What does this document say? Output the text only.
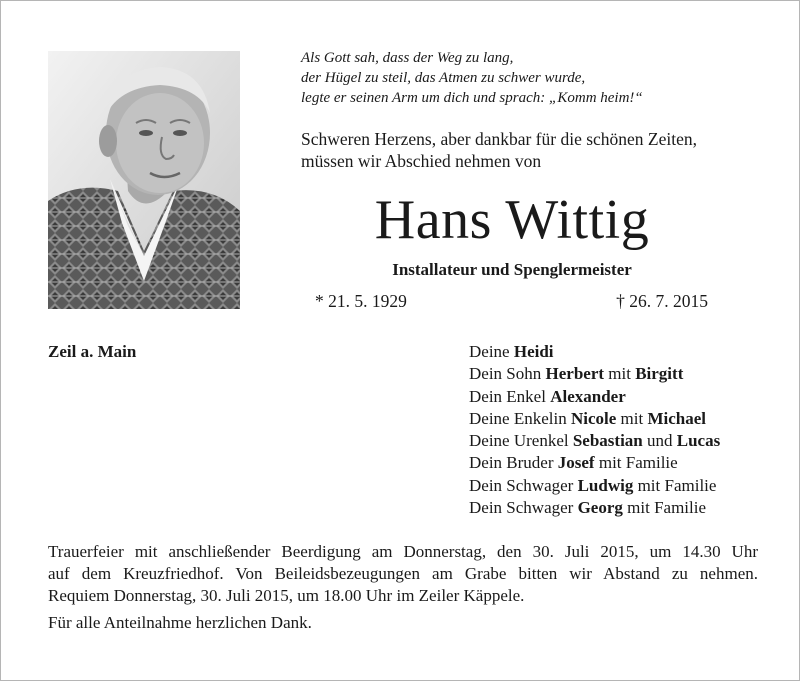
Als Gott sah, dass der Weg zu lang,
der Hügel zu steil, das Atmen zu schwer wurde,
legte er seinen Arm um dich und sprach: „Komm heim!“
Schweren Herzens, aber dankbar für die schönen Zeiten,
müssen wir Abschied nehmen von
Hans Wittig
Installateur und Spenglermeister
* 21. 5. 1929	† 26. 7. 2015
Zeil a. Main	Deine Heidi
Dein Sohn Herbert mit Birgitt
Dein Enkel Alexander
Deine Enkelin Nicole mit Michael
Deine Urenkel Sebastian und Lucas
Dein Bruder Josef mit Familie
Dein Schwager Ludwig mit Familie
Dein Schwager Georg mit Familie
Trauerfeier mit anschließender Beerdigung am Donnerstag, den 30. Juli 2015, um 14.30 Uhr
auf dem Kreuzfriedhof. Von Beileidsbezeugungen am Grabe bitten wir Abstand zu nehmen.
Requiem Donnerstag, 30. Juli 2015, um 18.00 Uhr im Zeiler Käppele.
Für alle Anteilnahme herzlichen Dank.
